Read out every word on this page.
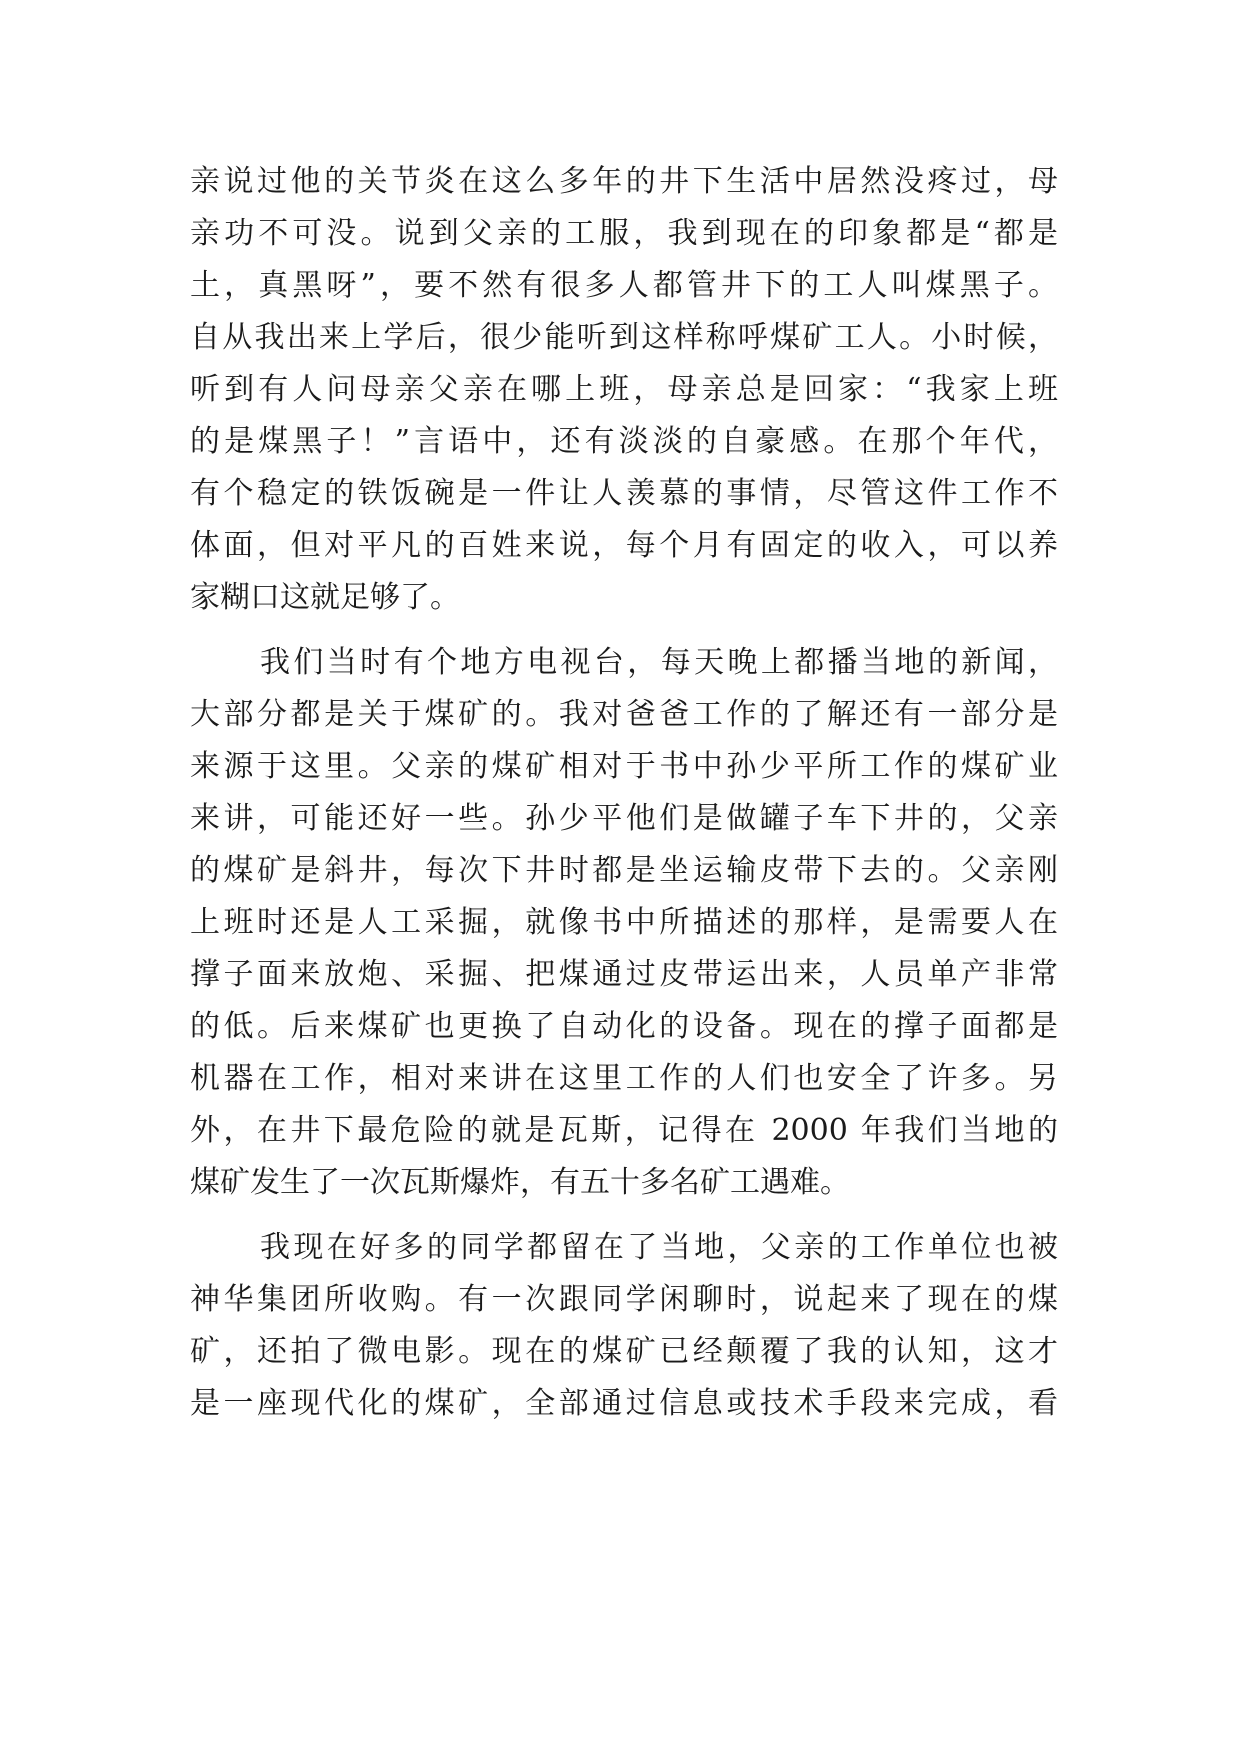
亲说过他的关节炎在这么多年的井下生活中居然没疼过，母
亲功不可没。说到父亲的工服，我到现在的印象都是“都是
土，真黑呀”，要不然有很多人都管井下的工人叫煤黑子。
自从我出来上学后，很少能听到这样称呼煤矿工人。小时候，
听到有人问母亲父亲在哪上班，母亲总是回家：“我家上班
的是煤黑子！”言语中，还有淡淡的自豪感。在那个年代，
有个稳定的铁饭碗是一件让人羡慕的事情，尽管这件工作不
体面，但对平凡的百姓来说，每个月有固定的收入，可以养
家糊口这就足够了。
我们当时有个地方电视台，每天晚上都播当地的新闻，
大部分都是关于煤矿的。我对爸爸工作的了解还有一部分是
来源于这里。父亲的煤矿相对于书中孙少平所工作的煤矿业
来讲，可能还好一些。孙少平他们是做罐子车下井的，父亲
的煤矿是斜井，每次下井时都是坐运输皮带下去的。父亲刚
上班时还是人工采掘，就像书中所描述的那样，是需要人在
撑子面来放炮、采掘、把煤通过皮带运出来，人员单产非常
的低。后来煤矿也更换了自动化的设备。现在的撑子面都是
机器在工作，相对来讲在这里工作的人们也安全了许多。另
外，在井下最危险的就是瓦斯，记得在 2000 年我们当地的
煤矿发生了一次瓦斯爆炸，有五十多名矿工遇难。
我现在好多的同学都留在了当地，父亲的工作单位也被
神华集团所收购。有一次跟同学闲聊时，说起来了现在的煤
矿，还拍了微电影。现在的煤矿已经颠覆了我的认知，这才
是一座现代化的煤矿，全部通过信息或技术手段来完成，看
